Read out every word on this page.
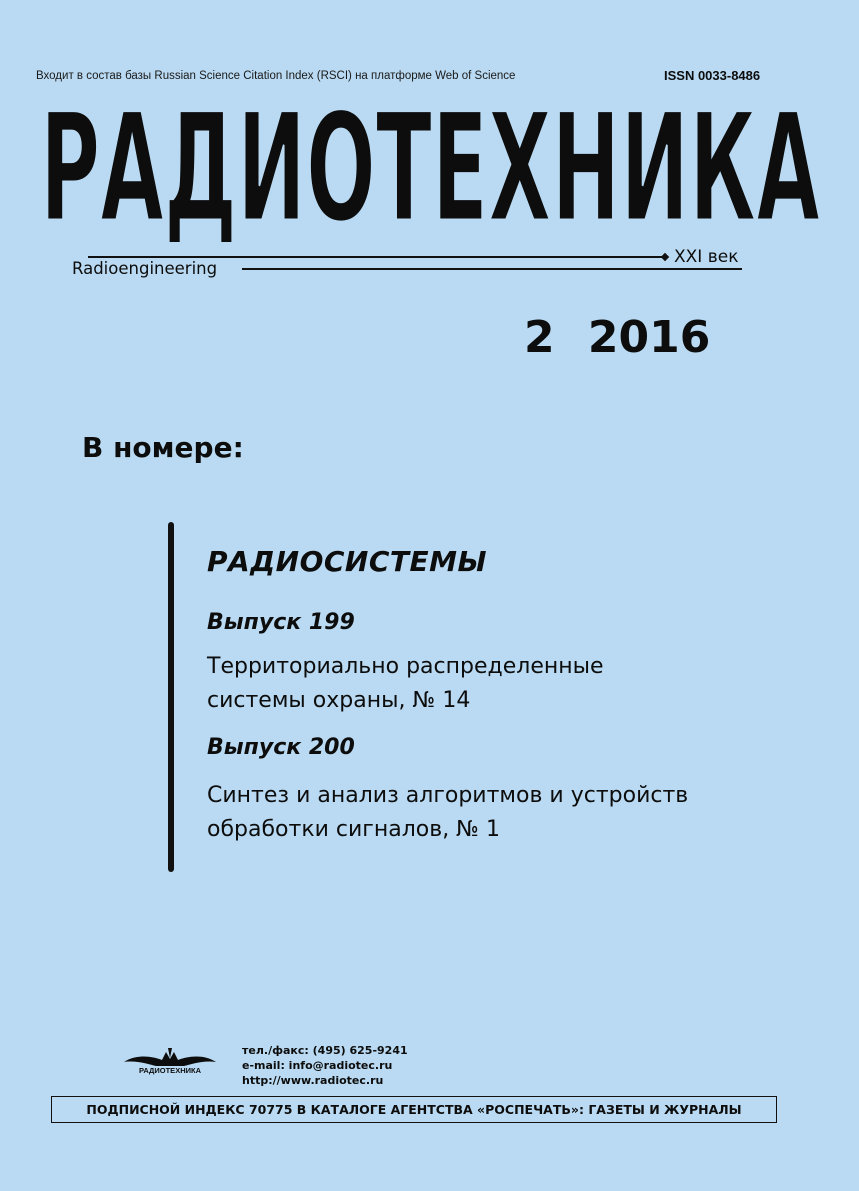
Входит в состав базы Russian Science Citation Index (RSCI) на платформе Web of Science	ISSN 0033-8486
РАДИОТЕХНИКА
XXI век
Radioengineering
2 2016
В номере:
РАДИОСИСТЕМЫ
Выпуск 199
Территориально распределенные
системы охраны, № 14
Выпуск 200
Синтез и анализ алгоритмов и устройств
обработки сигналов, № 1
РАДИОТЕХНИКА
тел./факс: (495) 625-9241
e-mail: info@radiotec.ru
http://www.radiotec.ru
ПОДПИСНОЙ ИНДЕКС 70775 В КАТАЛОГЕ АГЕНТСТВА «РОСПЕЧАТЬ»: ГАЗЕТЫ И ЖУРНАЛЫ
